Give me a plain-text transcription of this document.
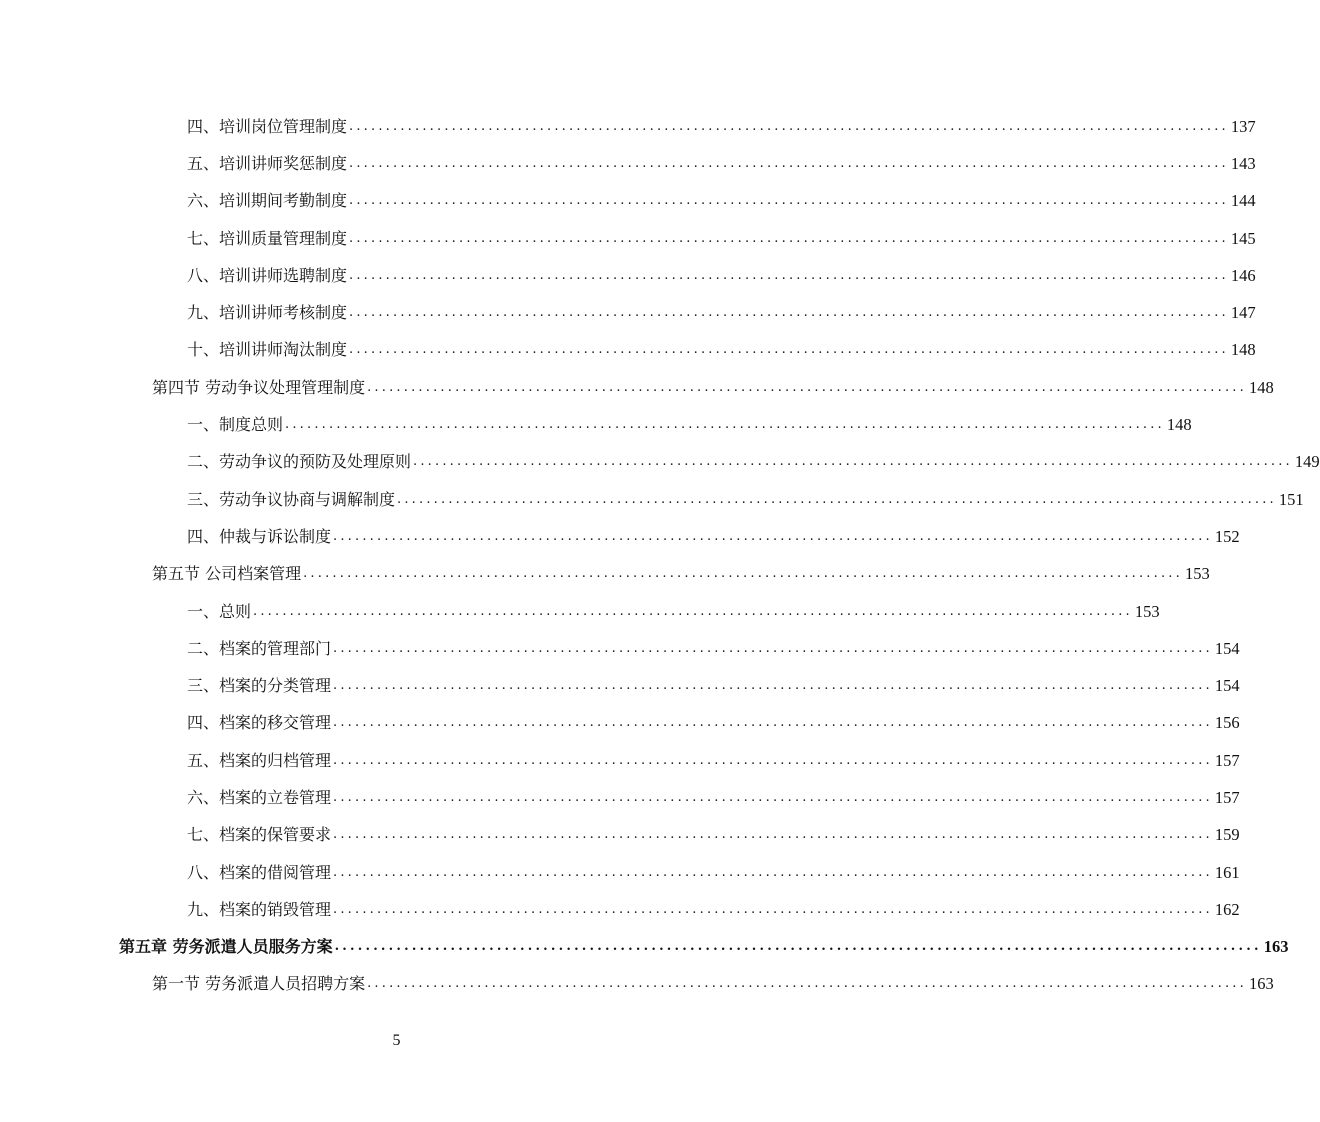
四、培训岗位管理制度 ........................................................................................................................ 137
五、培训讲师奖惩制度 ........................................................................................................................ 143
六、培训期间考勤制度 ........................................................................................................................ 144
七、培训质量管理制度 ........................................................................................................................ 145
八、培训讲师选聘制度 ........................................................................................................................ 146
九、培训讲师考核制度 ........................................................................................................................ 147
十、培训讲师淘汰制度 ........................................................................................................................ 148
第四节 劳动争议处理管理制度 ........................................................................................................................ 148
一、制度总则 ........................................................................................................................ 148
二、劳动争议的预防及处理原则 ........................................................................................................................ 149
三、劳动争议协商与调解制度 ........................................................................................................................ 151
四、仲裁与诉讼制度 ........................................................................................................................ 152
第五节 公司档案管理 ........................................................................................................................ 153
一、总则 ........................................................................................................................ 153
二、档案的管理部门 ........................................................................................................................ 154
三、档案的分类管理 ........................................................................................................................ 154
四、档案的移交管理 ........................................................................................................................ 156
五、档案的归档管理 ........................................................................................................................ 157
六、档案的立卷管理 ........................................................................................................................ 157
七、档案的保管要求 ........................................................................................................................ 159
八、档案的借阅管理 ........................................................................................................................ 161
九、档案的销毁管理 ........................................................................................................................ 162
第五章 劳务派遣人员服务方案 ........................................................................................................................ 163
第一节 劳务派遣人员招聘方案 ........................................................................................................................ 163
5
